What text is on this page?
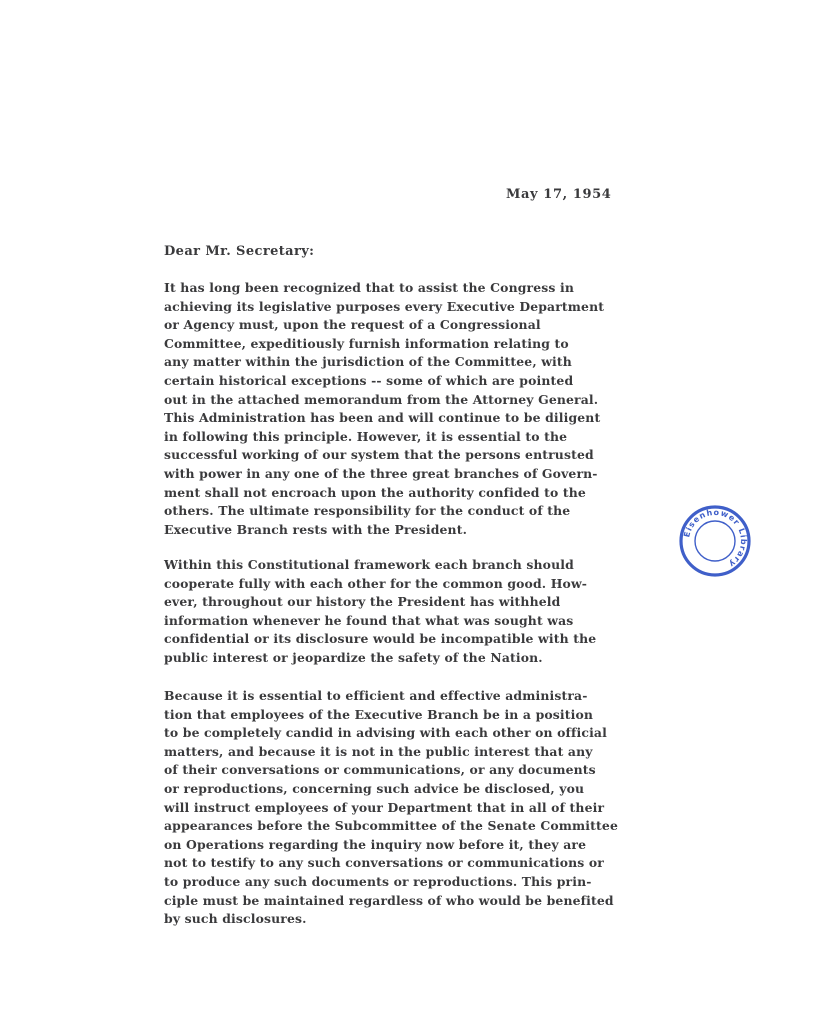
May 17, 1954
Dear Mr. Secretary:
It has long been recognized that to assist the Congress in
achieving its legislative purposes every Executive Department
or Agency must, upon the request of a Congressional
Committee, expeditiously furnish information relating to
any matter within the jurisdiction of the Committee, with
certain historical exceptions -- some of which are pointed
out in the attached memorandum from the Attorney General.
This Administration has been and will continue to be diligent
in following this principle. However, it is essential to the
successful working of our system that the persons entrusted
with power in any one of the three great branches of Govern-
ment shall not encroach upon the authority confided to the
others. The ultimate responsibility for the conduct of the
Executive Branch rests with the President.
Within this Constitutional framework each branch should
cooperate fully with each other for the common good. How-
ever, throughout our history the President has withheld
information whenever he found that what was sought was
confidential or its disclosure would be incompatible with the
public interest or jeopardize the safety of the Nation.
Because it is essential to efficient and effective administra-
tion that employees of the Executive Branch be in a position
to be completely candid in advising with each other on official
matters, and because it is not in the public interest that any
of their conversations or communications, or any documents
or reproductions, concerning such advice be disclosed, you
will instruct employees of your Department that in all of their
appearances before the Subcommittee of the Senate Committee
on Operations regarding the inquiry now before it, they are
not to testify to any such conversations or communications or
to produce any such documents or reproductions. This prin-
ciple must be maintained regardless of who would be benefited
by such disclosures.
Eisenhower Library
